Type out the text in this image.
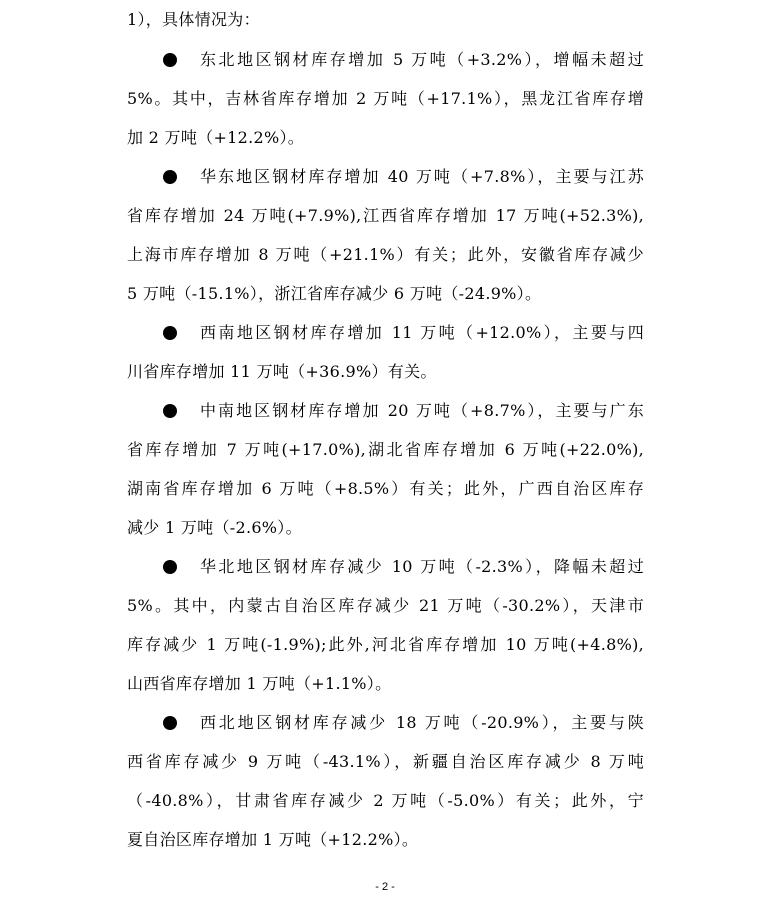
1），具体情况为：
东北地区钢材库存增加 5 万吨（+3.2%），增幅未超过
5%。其中，吉林省库存增加 2 万吨（+17.1%），黑龙江省库存增
加 2 万吨（+12.2%）。
华东地区钢材库存增加 40 万吨（+7.8%），主要与江苏
省库存增加 24 万吨(+7.9%),江西省库存增加 17 万吨(+52.3%),
上海市库存增加 8 万吨（+21.1%）有关；此外，安徽省库存减少
5 万吨（-15.1%），浙江省库存减少 6 万吨（-24.9%）。
西南地区钢材库存增加 11 万吨（+12.0%），主要与四
川省库存增加 11 万吨（+36.9%）有关。
中南地区钢材库存增加 20 万吨（+8.7%），主要与广东
省库存增加 7 万吨(+17.0%),湖北省库存增加 6 万吨(+22.0%),
湖南省库存增加 6 万吨（+8.5%）有关；此外，广西自治区库存
减少 1 万吨（-2.6%）。
华北地区钢材库存减少 10 万吨（-2.3%），降幅未超过
5%。其中，内蒙古自治区库存减少 21 万吨（-30.2%），天津市
库存减少 1 万吨(-1.9%);此外,河北省库存增加 10 万吨(+4.8%),
山西省库存增加 1 万吨（+1.1%）。
西北地区钢材库存减少 18 万吨（-20.9%），主要与陕
西省库存减少 9 万吨（-43.1%），新疆自治区库存减少 8 万吨
（-40.8%），甘肃省库存减少 2 万吨（-5.0%）有关；此外，宁
夏自治区库存增加 1 万吨（+12.2%）。
- 2 -
